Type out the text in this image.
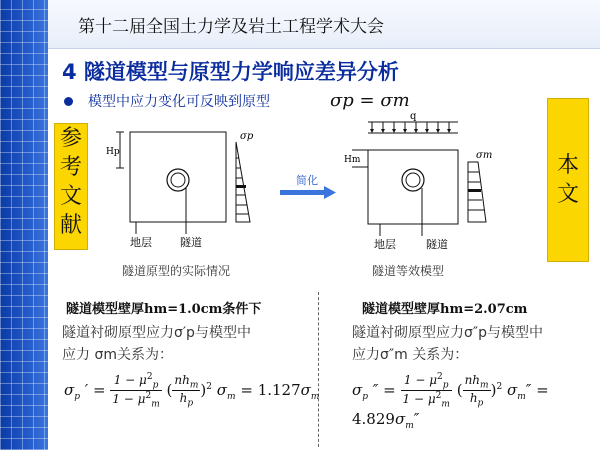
第十二届全国土力学及岩土工程学术大会
4 隧道模型与原型力学响应差异分析
模型中应力变化可反映到原型	σp = σm
参
考
文
献
本
文
Hp
σp
地层	隧道
简化
q
Hm	σm
地层	隧道
隧道原型的实际情况	隧道等效模型
隧道模型壁厚hm=1.0cm条件下	隧道模型壁厚hm=2.07cm
隧道衬砌原型应力σ′p与模型中
应力 σm关系为：
隧道衬砌原型应力σ″p与模型中
应力σ″m 关系为：
$\sigma_p$ ′ = $\frac{1 - \mu^2_p}{1 - \mu^2_m}$ ( $\frac{nh_m}{h_p} )^2$ $\sigma_m = 1.127\sigma_m$ $\sigma_p$ ″ = $\frac{1 - \mu^2_p}{1 - \mu^2_m}$ ( $\frac{nh_m}{h_p} )^2$ $\sigma_m'' = 4.829\sigma_m''$
